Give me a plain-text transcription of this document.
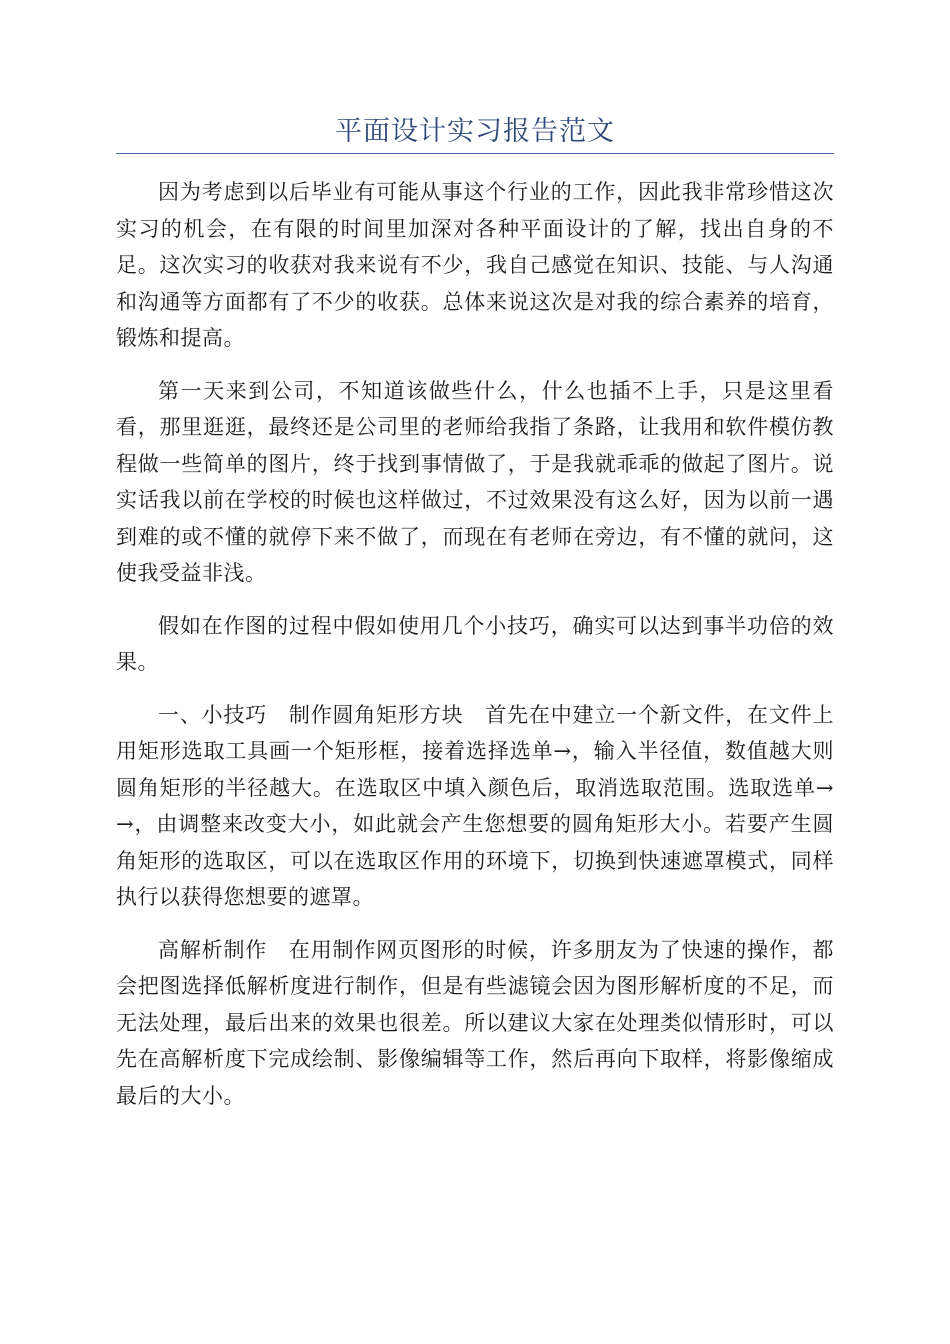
平面设计实习报告范文

因为考虑到以后毕业有可能从事这个行业的工作，因此我非常珍惜这次实习的机会，在有限的时间里加深对各种平面设计的了解，找出自身的不足。这次实习的收获对我来说有不少，我自己感觉在知识、技能、与人沟通和沟通等方面都有了不少的收获。总体来说这次是对我的综合素养的培育，锻炼和提高。

第一天来到公司，不知道该做些什么，什么也插不上手，只是这里看看，那里逛逛，最终还是公司里的老师给我指了条路，让我用和软件模仿教程做一些简单的图片，终于找到事情做了，于是我就乖乖的做起了图片。说实话我以前在学校的时候也这样做过，不过效果没有这么好，因为以前一遇到难的或不懂的就停下来不做了，而现在有老师在旁边，有不懂的就问，这使我受益非浅。

假如在作图的过程中假如使用几个小技巧，确实可以达到事半功倍的效果。

一、小技巧　制作圆角矩形方块　首先在中建立一个新文件，在文件上用矩形选取工具画一个矩形框，接着选择选单→，输入半径值，数值越大则圆角矩形的半径越大。在选取区中填入颜色后，取消选取范围。选取选单→→，由调整来改变大小，如此就会产生您想要的圆角矩形大小。若要产生圆角矩形的选取区，可以在选取区作用的环境下，切换到快速遮罩模式，同样执行以获得您想要的遮罩。

高解析制作　在用制作网页图形的时候，许多朋友为了快速的操作，都会把图选择低解析度进行制作，但是有些滤镜会因为图形解析度的不足，而无法处理，最后出来的效果也很差。所以建议大家在处理类似情形时，可以先在高解析度下完成绘制、影像编辑等工作，然后再向下取样，将影像缩成最后的大小。
